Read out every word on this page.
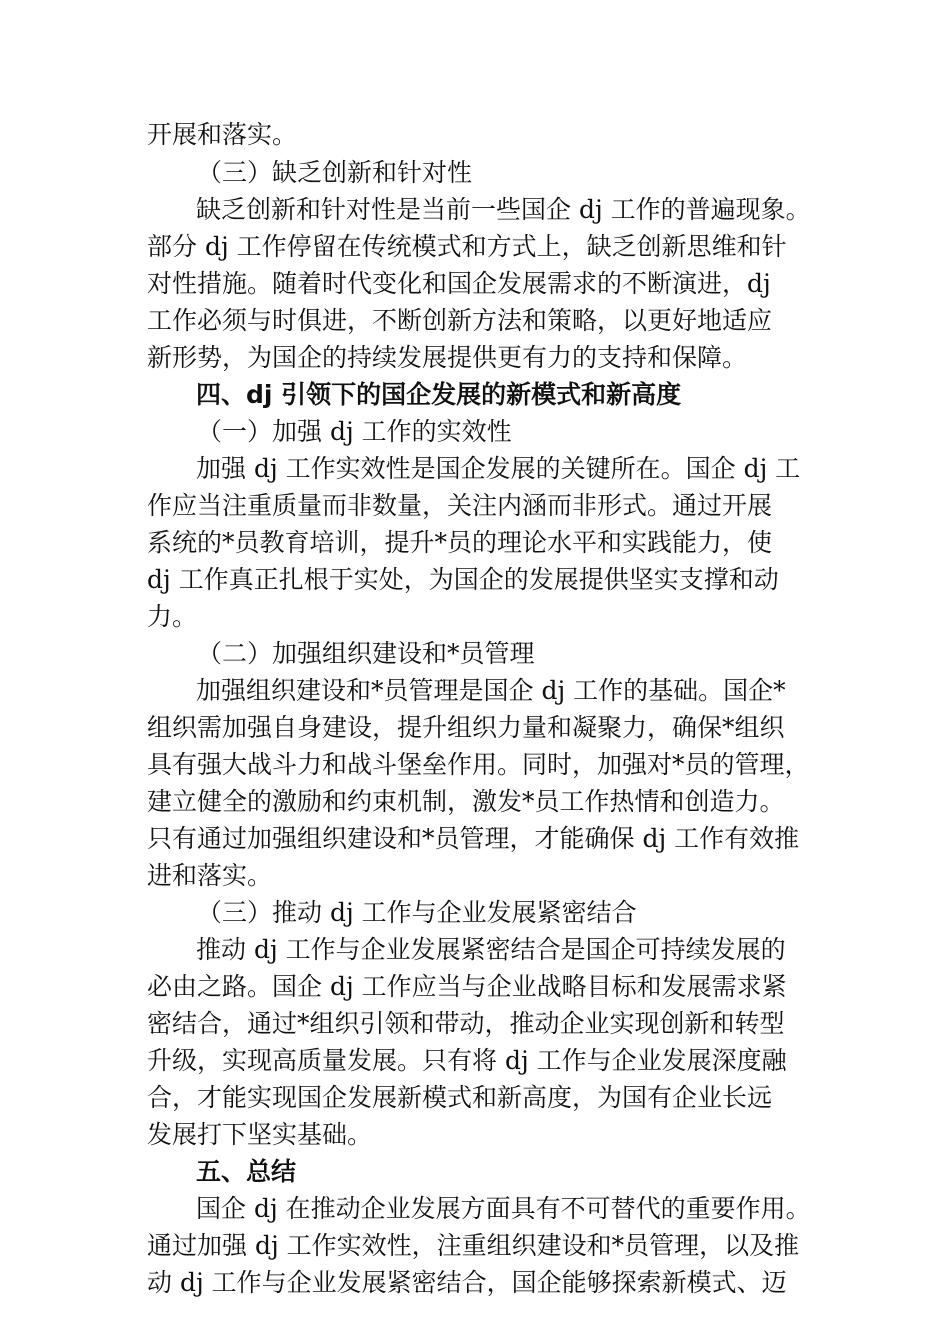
开展和落实。
（三）缺乏创新和针对性
缺乏创新和针对性是当前一些国企 dj 工作的普遍现象。
部分 dj 工作停留在传统模式和方式上，缺乏创新思维和针
对性措施。随着时代变化和国企发展需求的不断演进，dj
工作必须与时俱进，不断创新方法和策略，以更好地适应
新形势，为国企的持续发展提供更有力的支持和保障。
四、dj 引领下的国企发展的新模式和新高度
（一）加强 dj 工作的实效性
加强 dj 工作实效性是国企发展的关键所在。国企 dj 工
作应当注重质量而非数量，关注内涵而非形式。通过开展
系统的*员教育培训，提升*员的理论水平和实践能力，使
dj 工作真正扎根于实处，为国企的发展提供坚实支撑和动
力。
（二）加强组织建设和*员管理
加强组织建设和*员管理是国企 dj 工作的基础。国企*
组织需加强自身建设，提升组织力量和凝聚力，确保*组织
具有强大战斗力和战斗堡垒作用。同时，加强对*员的管理，
建立健全的激励和约束机制，激发*员工作热情和创造力。
只有通过加强组织建设和*员管理，才能确保 dj 工作有效推
进和落实。
（三）推动 dj 工作与企业发展紧密结合
推动 dj 工作与企业发展紧密结合是国企可持续发展的
必由之路。国企 dj 工作应当与企业战略目标和发展需求紧
密结合，通过*组织引领和带动，推动企业实现创新和转型
升级，实现高质量发展。只有将 dj 工作与企业发展深度融
合，才能实现国企发展新模式和新高度，为国有企业长远
发展打下坚实基础。
五、总结
国企 dj 在推动企业发展方面具有不可替代的重要作用。
通过加强 dj 工作实效性，注重组织建设和*员管理，以及推
动 dj 工作与企业发展紧密结合，国企能够探索新模式、迈
